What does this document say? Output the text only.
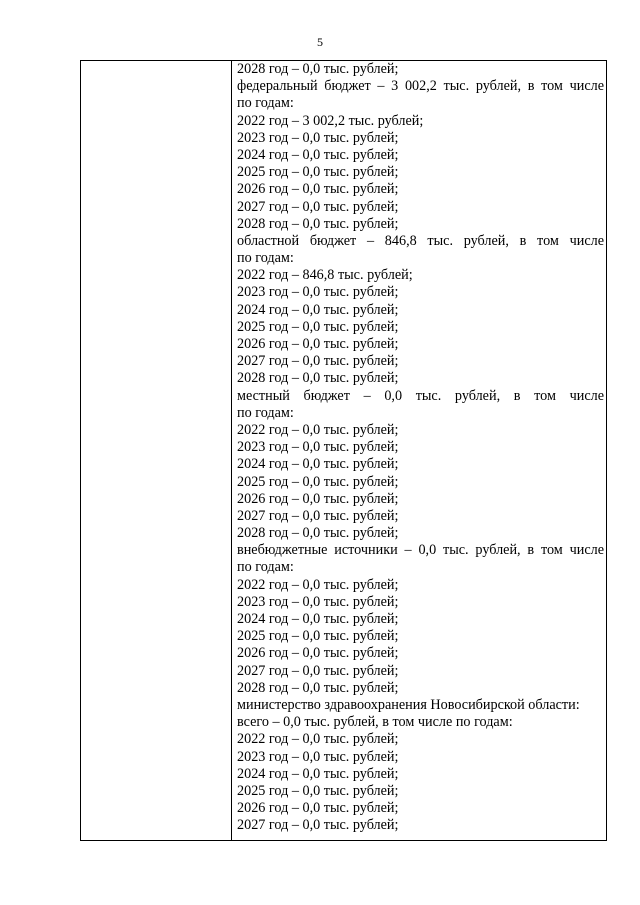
5
2028 год – 0,0 тыс. рублей;
федеральный бюджет – 3 002,2 тыс. рублей, в том числе
по годам:
2022 год – 3 002,2 тыс. рублей;
2023 год – 0,0 тыс. рублей;
2024 год – 0,0 тыс. рублей;
2025 год – 0,0 тыс. рублей;
2026 год – 0,0 тыс. рублей;
2027 год – 0,0 тыс. рублей;
2028 год – 0,0 тыс. рублей;
областной бюджет – 846,8 тыс. рублей, в том числе
по годам:
2022 год – 846,8 тыс. рублей;
2023 год – 0,0 тыс. рублей;
2024 год – 0,0 тыс. рублей;
2025 год – 0,0 тыс. рублей;
2026 год – 0,0 тыс. рублей;
2027 год – 0,0 тыс. рублей;
2028 год – 0,0 тыс. рублей;
местный бюджет – 0,0 тыс. рублей, в том числе
по годам:
2022 год – 0,0 тыс. рублей;
2023 год – 0,0 тыс. рублей;
2024 год – 0,0 тыс. рублей;
2025 год – 0,0 тыс. рублей;
2026 год – 0,0 тыс. рублей;
2027 год – 0,0 тыс. рублей;
2028 год – 0,0 тыс. рублей;
внебюджетные источники – 0,0 тыс. рублей, в том числе
по годам:
2022 год – 0,0 тыс. рублей;
2023 год – 0,0 тыс. рублей;
2024 год – 0,0 тыс. рублей;
2025 год – 0,0 тыс. рублей;
2026 год – 0,0 тыс. рублей;
2027 год – 0,0 тыс. рублей;
2028 год – 0,0 тыс. рублей;
министерство здравоохранения Новосибирской области:
всего – 0,0 тыс. рублей, в том числе по годам:
2022 год – 0,0 тыс. рублей;
2023 год – 0,0 тыс. рублей;
2024 год – 0,0 тыс. рублей;
2025 год – 0,0 тыс. рублей;
2026 год – 0,0 тыс. рублей;
2027 год – 0,0 тыс. рублей;
